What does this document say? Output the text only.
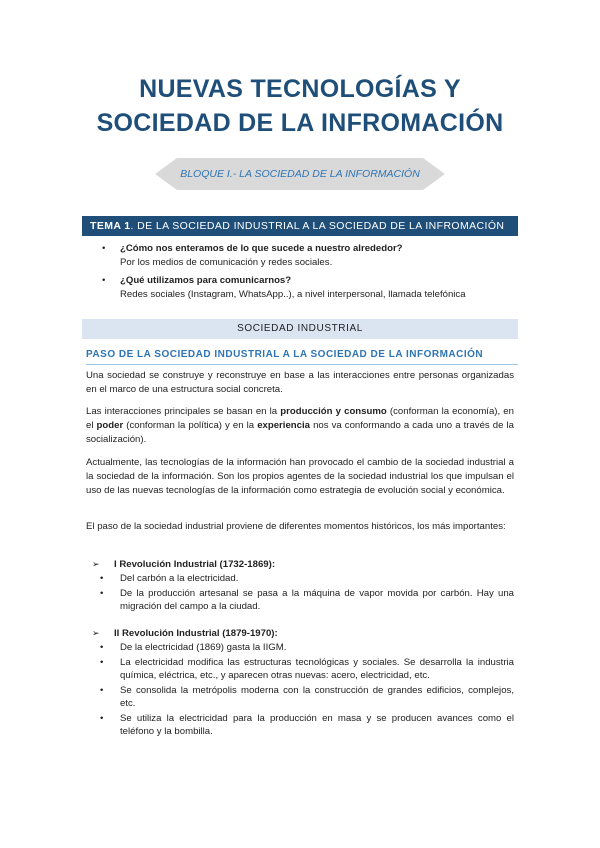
NUEVAS TECNOLOGÍAS Y
SOCIEDAD DE LA INFROMACIÓN
BLOQUE I.- LA SOCIEDAD DE LA INFORMACIÓN
TEMA 1. DE LA SOCIEDAD INDUSTRIAL A LA SOCIEDAD DE LA INFROMACIÓN
• ¿Cómo nos enteramos de lo que sucede a nuestro alrededor?
Por los medios de comunicación y redes sociales.
• ¿Qué utilizamos para comunicarnos?
Redes sociales (Instagram, WhatsApp..), a nivel interpersonal, llamada telefónica
SOCIEDAD INDUSTRIAL
PASO DE LA SOCIEDAD INDUSTRIAL A LA SOCIEDAD DE LA INFORMACIÓN

Una sociedad se construye y reconstruye en base a las interacciones entre personas organizadas en el marco de una estructura social concreta.

Las interacciones principales se basan en la producción y consumo (conforman la economía), en el poder (conforman la política) y en la experiencia nos va conformando a cada uno a través de la socialización).

Actualmente, las tecnologías de la información han provocado el cambio de la sociedad industrial a la sociedad de la información. Son los propios agentes de la sociedad industrial los que impulsan el uso de las nuevas tecnologías de la información como estrategia de evolución social y económica.

El paso de la sociedad industrial proviene de diferentes momentos históricos, los más importantes:

➢ I Revolución Industrial (1732-1869):
• Del carbón a la electricidad.
• De la producción artesanal se pasa a la máquina de vapor movida por carbón. Hay una migración del campo a la ciudad.
➢ II Revolución Industrial (1879-1970):
• De la electricidad (1869) gasta la IIGM.
• La electricidad modifica las estructuras tecnológicas y sociales. Se desarrolla la industria química, eléctrica, etc., y aparecen otras nuevas: acero, electricidad, etc.
• Se consolida la metrópolis moderna con la construcción de grandes edificios, complejos, etc.
• Se utiliza la electricidad para la producción en masa y se producen avances como el teléfono y la bombilla.
